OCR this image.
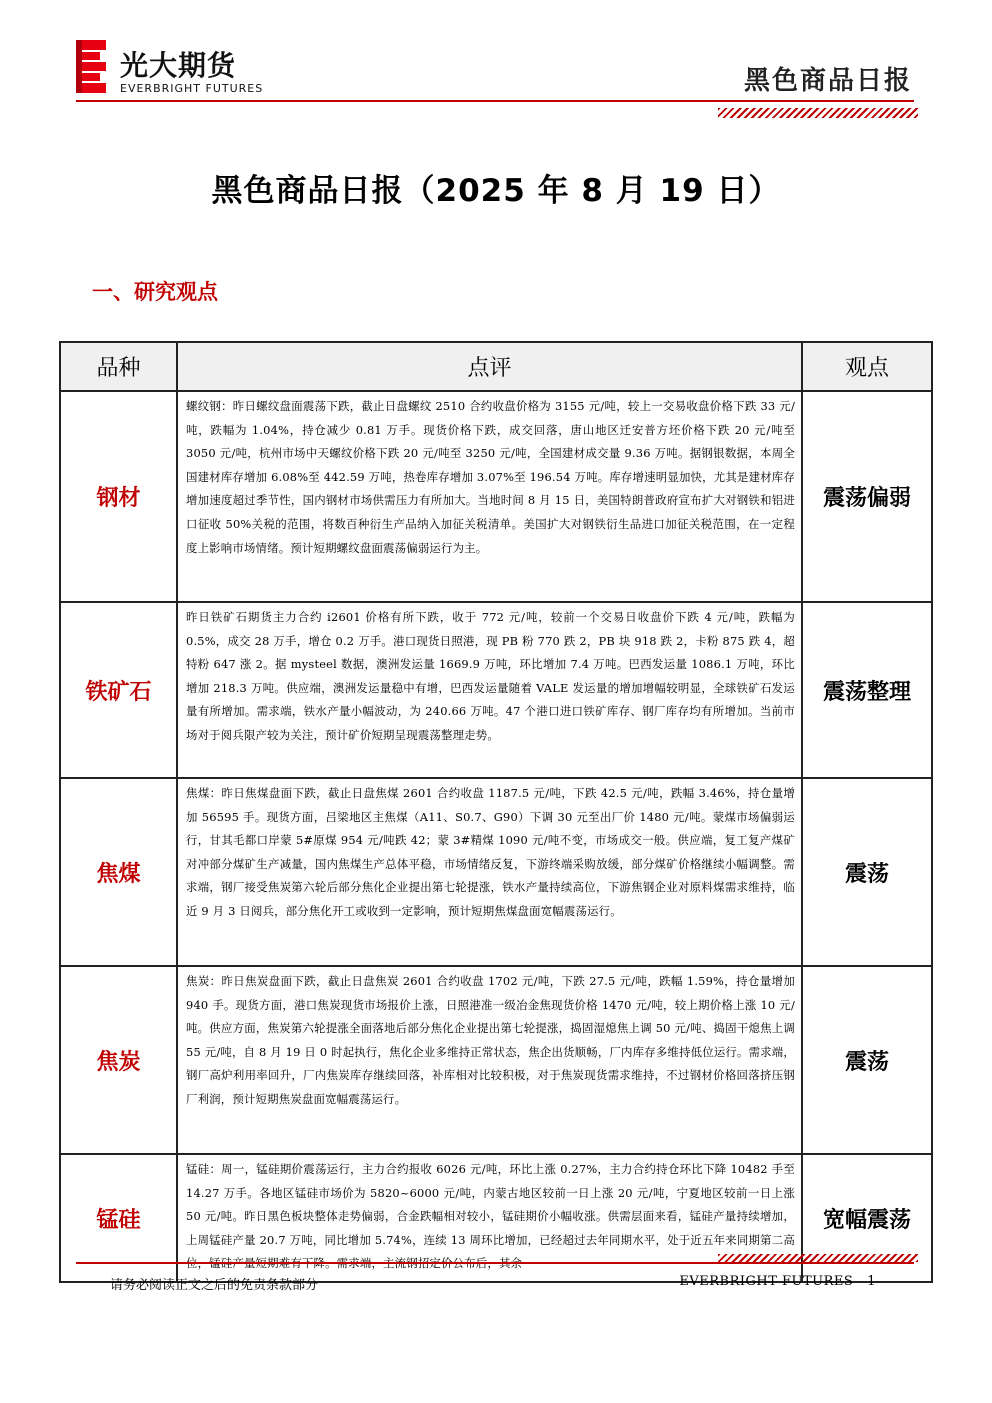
光大期货
EVERBRIGHT FUTURES	黑色商品日报
黑色商品日报（2025 年 8 月 19 日）
一、研究观点
品种	点评	观点
钢材	螺纹钢：昨日螺纹盘面震荡下跌，截止日盘螺纹 2510 合约收盘价格为 3155 元/吨，较上一交易收盘价格下跌 33 元/吨，跌幅为 1.04%，持仓减少 0.81 万手。现货价格下跌，成交回落，唐山地区迁安普方坯价格下跌 20 元/吨至 3050 元/吨，杭州市场中天螺纹价格下跌 20 元/吨至 3250 元/吨，全国建材成交量 9.36 万吨。据钢银数据，本周全国建材库存增加 6.08%至 442.59 万吨，热卷库存增加 3.07%至 196.54 万吨。库存增速明显加快，尤其是建材库存增加速度超过季节性，国内钢材市场供需压力有所加大。当地时间 8 月 15 日，美国特朗普政府宣布扩大对钢铁和铝进口征收 50%关税的范围，将数百种衍生产品纳入加征关税清单。美国扩大对钢铁衍生品进口加征关税范围，在一定程度上影响市场情绪。预计短期螺纹盘面震荡偏弱运行为主。	震荡偏弱
铁矿石	昨日铁矿石期货主力合约 i2601 价格有所下跌，收于 772 元/吨，较前一个交易日收盘价下跌 4 元/吨，跌幅为 0.5%，成交 28 万手，增仓 0.2 万手。港口现货日照港，现 PB 粉 770 跌 2，PB 块 918 跌 2，卡粉 875 跌 4，超特粉 647 涨 2。据 mysteel 数据，澳洲发运量 1669.9 万吨，环比增加 7.4 万吨。巴西发运量 1086.1 万吨，环比增加 218.3 万吨。供应端，澳洲发运量稳中有增，巴西发运量随着 VALE 发运量的增加增幅较明显，全球铁矿石发运量有所增加。需求端，铁水产量小幅波动，为 240.66 万吨。47 个港口进口铁矿库存、钢厂库存均有所增加。当前市场对于阅兵限产较为关注，预计矿价短期呈现震荡整理走势。	震荡整理
焦煤	焦煤：昨日焦煤盘面下跌，截止日盘焦煤 2601 合约收盘 1187.5 元/吨，下跌 42.5 元/吨，跌幅 3.46%，持仓量增加 56595 手。现货方面，吕梁地区主焦煤（A11、S0.7、G90）下调 30 元至出厂价 1480 元/吨。蒙煤市场偏弱运行，甘其毛都口岸蒙 5#原煤 954 元/吨跌 42；蒙 3#精煤 1090 元/吨不变，市场成交一般。供应端，复工复产煤矿对冲部分煤矿生产减量，国内焦煤生产总体平稳，市场情绪反复，下游终端采购放缓，部分煤矿价格继续小幅调整。需求端，钢厂接受焦炭第六轮后部分焦化企业提出第七轮提涨，铁水产量持续高位，下游焦钢企业对原料煤需求维持，临近 9 月 3 日阅兵，部分焦化开工或收到一定影响，预计短期焦煤盘面宽幅震荡运行。	震荡
焦炭	焦炭：昨日焦炭盘面下跌，截止日盘焦炭 2601 合约收盘 1702 元/吨，下跌 27.5 元/吨，跌幅 1.59%，持仓量增加 940 手。现货方面，港口焦炭现货市场报价上涨，日照港准一级冶金焦现货价格 1470 元/吨，较上期价格上涨 10 元/吨。供应方面，焦炭第六轮提涨全面落地后部分焦化企业提出第七轮提涨，捣固湿熄焦上调 50 元/吨、捣固干熄焦上调 55 元/吨，自 8 月 19 日 0 时起执行，焦化企业多维持正常状态，焦企出货顺畅，厂内库存多维持低位运行。需求端，钢厂高炉利用率回升，厂内焦炭库存继续回落，补库相对比较积极，对于焦炭现货需求维持，不过钢材价格回落挤压钢厂利润，预计短期焦炭盘面宽幅震荡运行。	震荡
锰硅	锰硅：周一，锰硅期价震荡运行，主力合约报收 6026 元/吨，环比上涨 0.27%，主力合约持仓环比下降 10482 手至 14.27 万手。各地区锰硅市场价为 5820~6000 元/吨，内蒙古地区较前一日上涨 20 元/吨，宁夏地区较前一日上涨 50 元/吨。昨日黑色板块整体走势偏弱，合金跌幅相对较小，锰硅期价小幅收涨。供需层面来看，锰硅产量持续增加，上周锰硅产量 20.7 万吨，同比增加 5.74%，连续 13 周环比增加，已经超过去年同期水平，处于近五年来同期第二高	宽幅震荡
请务必阅读正文之后的免责条款部分	EVERBRIGHT FUTURES 1
